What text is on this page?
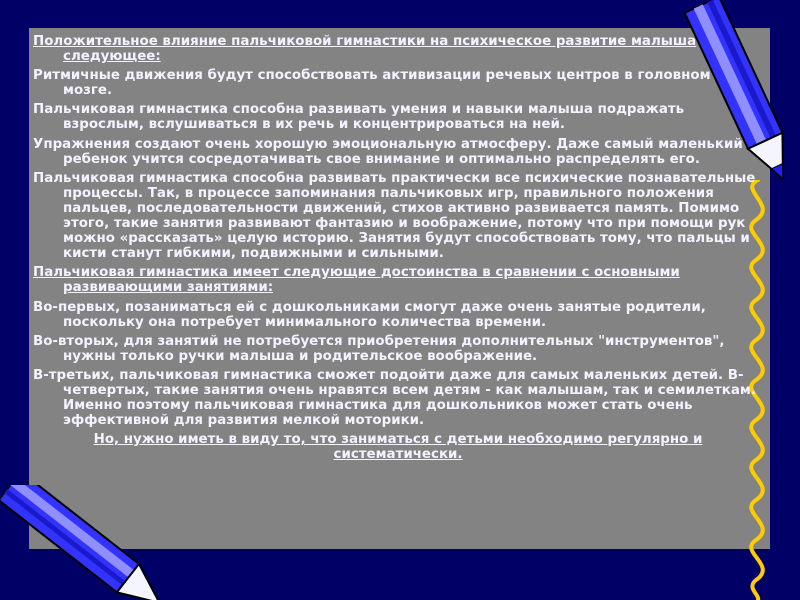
Положительное влияние пальчиковой гимнастики на психическое развитие малыша следующее:

Ритмичные движения будут способствовать активизации речевых центров в головном мозге.

Пальчиковая гимнастика способна развивать умения и навыки малыша подражать взрослым, вслушиваться в их речь и концентрироваться на ней.

Упражнения создают очень хорошую эмоциональную атмосферу. Даже самый маленький ребенок учится сосредотачивать свое внимание и оптимально распределять его.

Пальчиковая гимнастика способна развивать практически все психические познавательные процессы. Так, в процессе запоминания пальчиковых игр, правильного положения пальцев, последовательности движений, стихов активно развивается память. Помимо этого, такие занятия развивают фантазию и воображение, потому что при помощи рук можно «рассказать» целую историю. Занятия будут способствовать тому, что пальцы и кисти станут гибкими, подвижными и сильными.

Пальчиковая гимнастика имеет следующие достоинства в сравнении с основными развивающими занятиями:

Во-первых, позаниматься ей с дошкольниками смогут даже очень занятые родители, поскольку она потребует минимального количества времени.

Во-вторых, для занятий не потребуется приобретения дополнительных "инструментов", нужны только ручки малыша и родительское воображение.

В-третьих, пальчиковая гимнастика сможет подойти даже для самых маленьких детей. В-четвертых, такие занятия очень нравятся всем детям - как малышам, так и семилеткам. Именно поэтому пальчиковая гимнастика для дошкольников может стать очень эффективной для развития мелкой моторики.

Но, нужно иметь в виду то, что заниматься с детьми необходимо регулярно и систематически.
